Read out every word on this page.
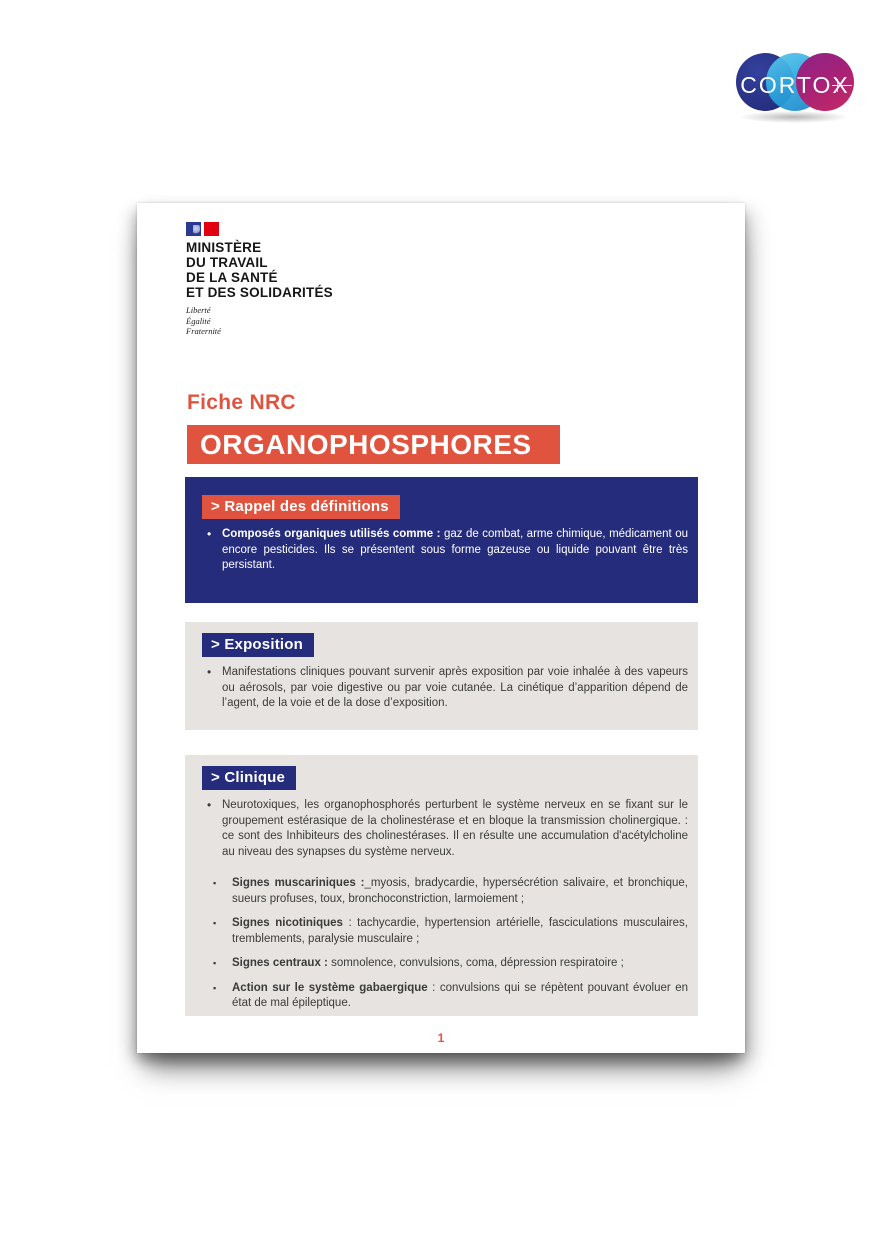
CORTOX
MINISTÈRE
DU TRAVAIL
DE LA SANTÉ
ET DES SOLIDARITÉS
Liberté
Égalité
Fraternité
Fiche NRC
ORGANOPHOSPHORES
> Rappel des définitions
• Composés organiques utilisés comme : gaz de combat, arme chimique, médicament ou encore pesticides. Ils se présentent sous forme gazeuse ou liquide pouvant être très persistant.
> Exposition
• Manifestations cliniques pouvant survenir après exposition par voie inhalée à des vapeurs ou aérosols, par voie digestive ou par voie cutanée. La cinétique d’apparition dépend de l’agent, de la voie et de la dose d’exposition.
> Clinique
• Neurotoxiques, les organophosphorés perturbent le système nerveux en se fixant sur le groupement estérasique de la cholinestérase et en bloque la transmission cholinergique. : ce sont des Inhibiteurs des cholinestérases. Il en résulte une accumulation d'acétylcholine au niveau des synapses du système nerveux.
▪ Signes muscariniques :_myosis, bradycardie, hypersécrétion salivaire, et bronchique, sueurs profuses, toux, bronchoconstriction, larmoiement ;
▪ Signes nicotiniques : tachycardie, hypertension artérielle, fasciculations musculaires, tremblements, paralysie musculaire ;
▪ Signes centraux : somnolence, convulsions, coma, dépression respiratoire ;
▪ Action sur le système gabaergique : convulsions qui se répètent pouvant évoluer en état de mal épileptique.
1
